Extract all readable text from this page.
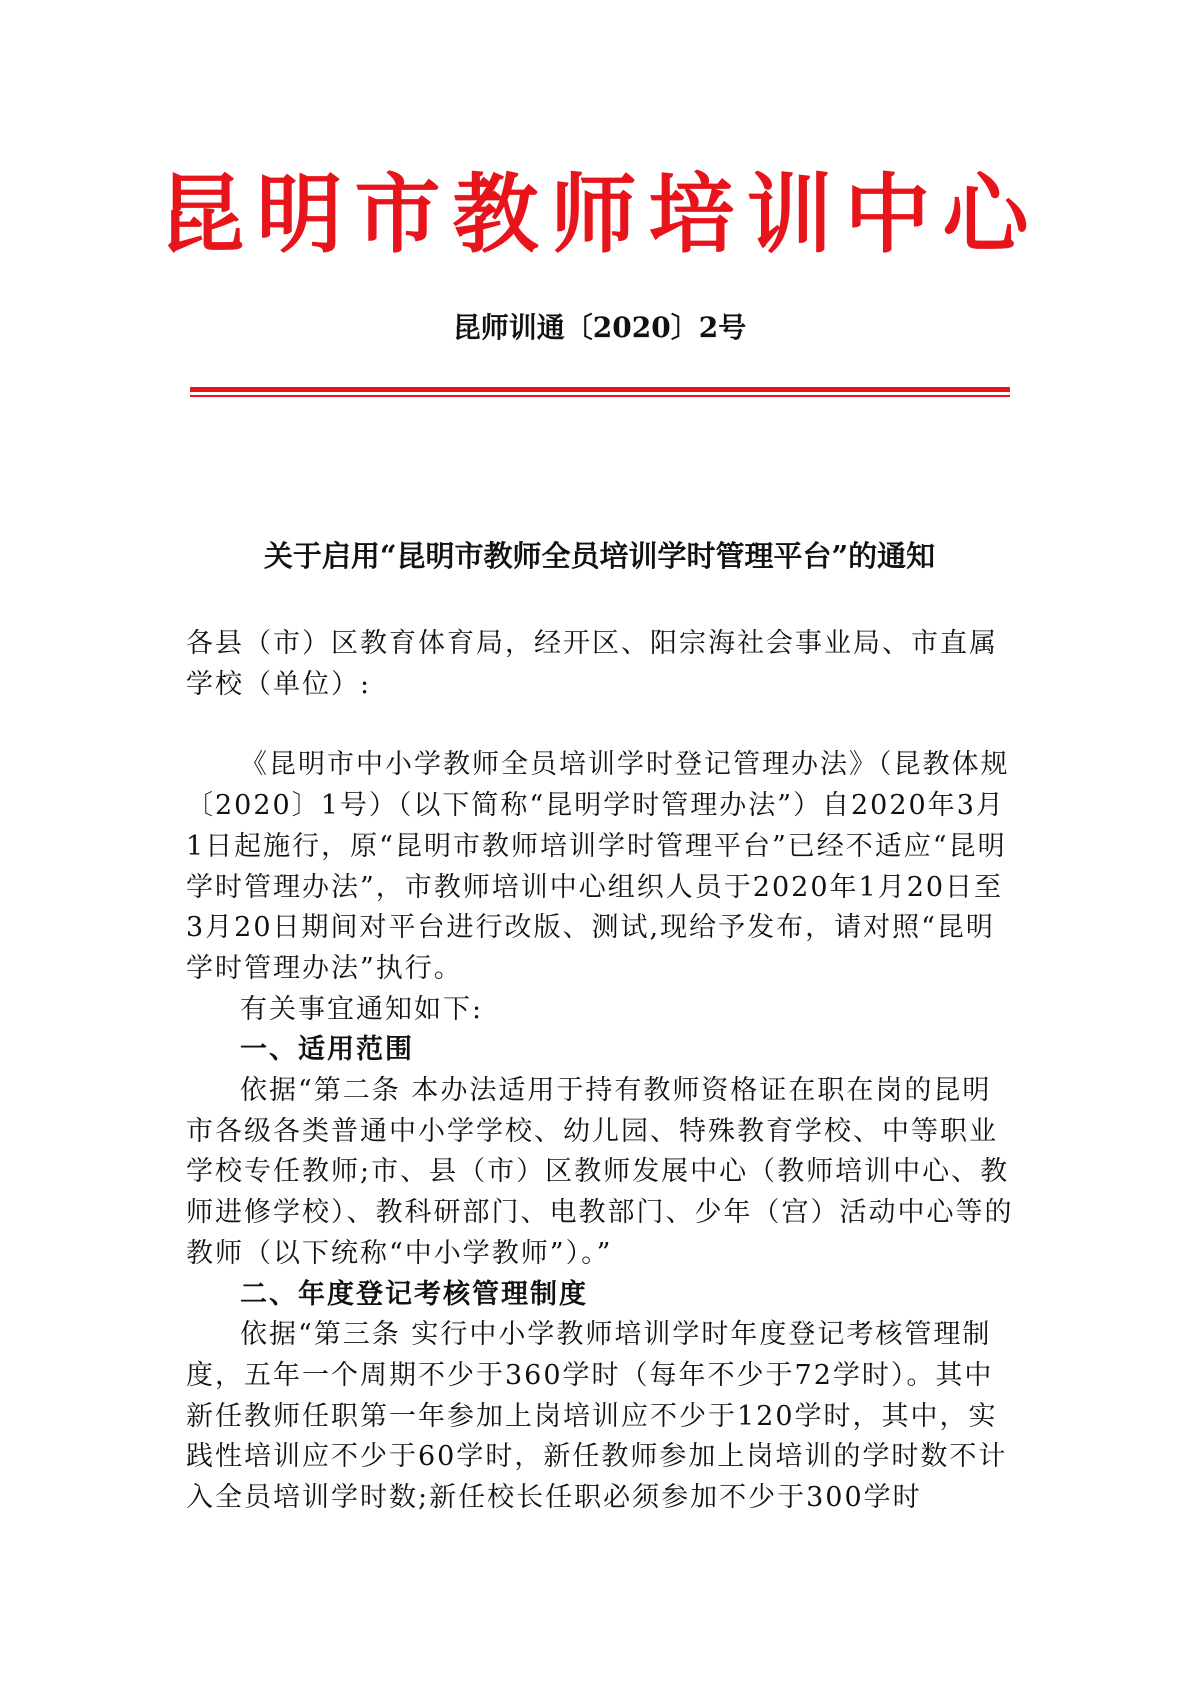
昆明市教师培训中心
昆师训通〔2020〕2号
关于启用“昆明市教师全员培训学时管理平台”的通知

各县（市）区教育体育局，经开区、阳宗海社会事业局、市直属学校（单位）:

《昆明市中小学教师全员培训学时登记管理办法》（昆教体规〔2020〕1号）（以下简称“昆明学时管理办法”）自2020年3月1日起施行，原“昆明市教师培训学时管理平台”已经不适应“昆明学时管理办法”，市教师培训中心组织人员于2020年1月20日至3月20日期间对平台进行改版、测试,现给予发布，请对照“昆明学时管理办法”执行。

有关事宜通知如下:

一、适用范围

依据“第二条 本办法适用于持有教师资格证在职在岗的昆明市各级各类普通中小学学校、幼儿园、特殊教育学校、中等职业学校专任教师;市、县（市）区教师发展中心（教师培训中心、教师进修学校）、教科研部门、电教部门、少年（宫）活动中心等的教师（以下统称“中小学教师”）。”

二、年度登记考核管理制度

依据“第三条 实行中小学教师培训学时年度登记考核管理制度，五年一个周期不少于360学时（每年不少于72学时）。其中新任教师任职第一年参加上岗培训应不少于120学时，其中，实践性培训应不少于60学时，新任教师参加上岗培训的学时数不计入全员培训学时数;新任校长任职必须参加不少于300学时
